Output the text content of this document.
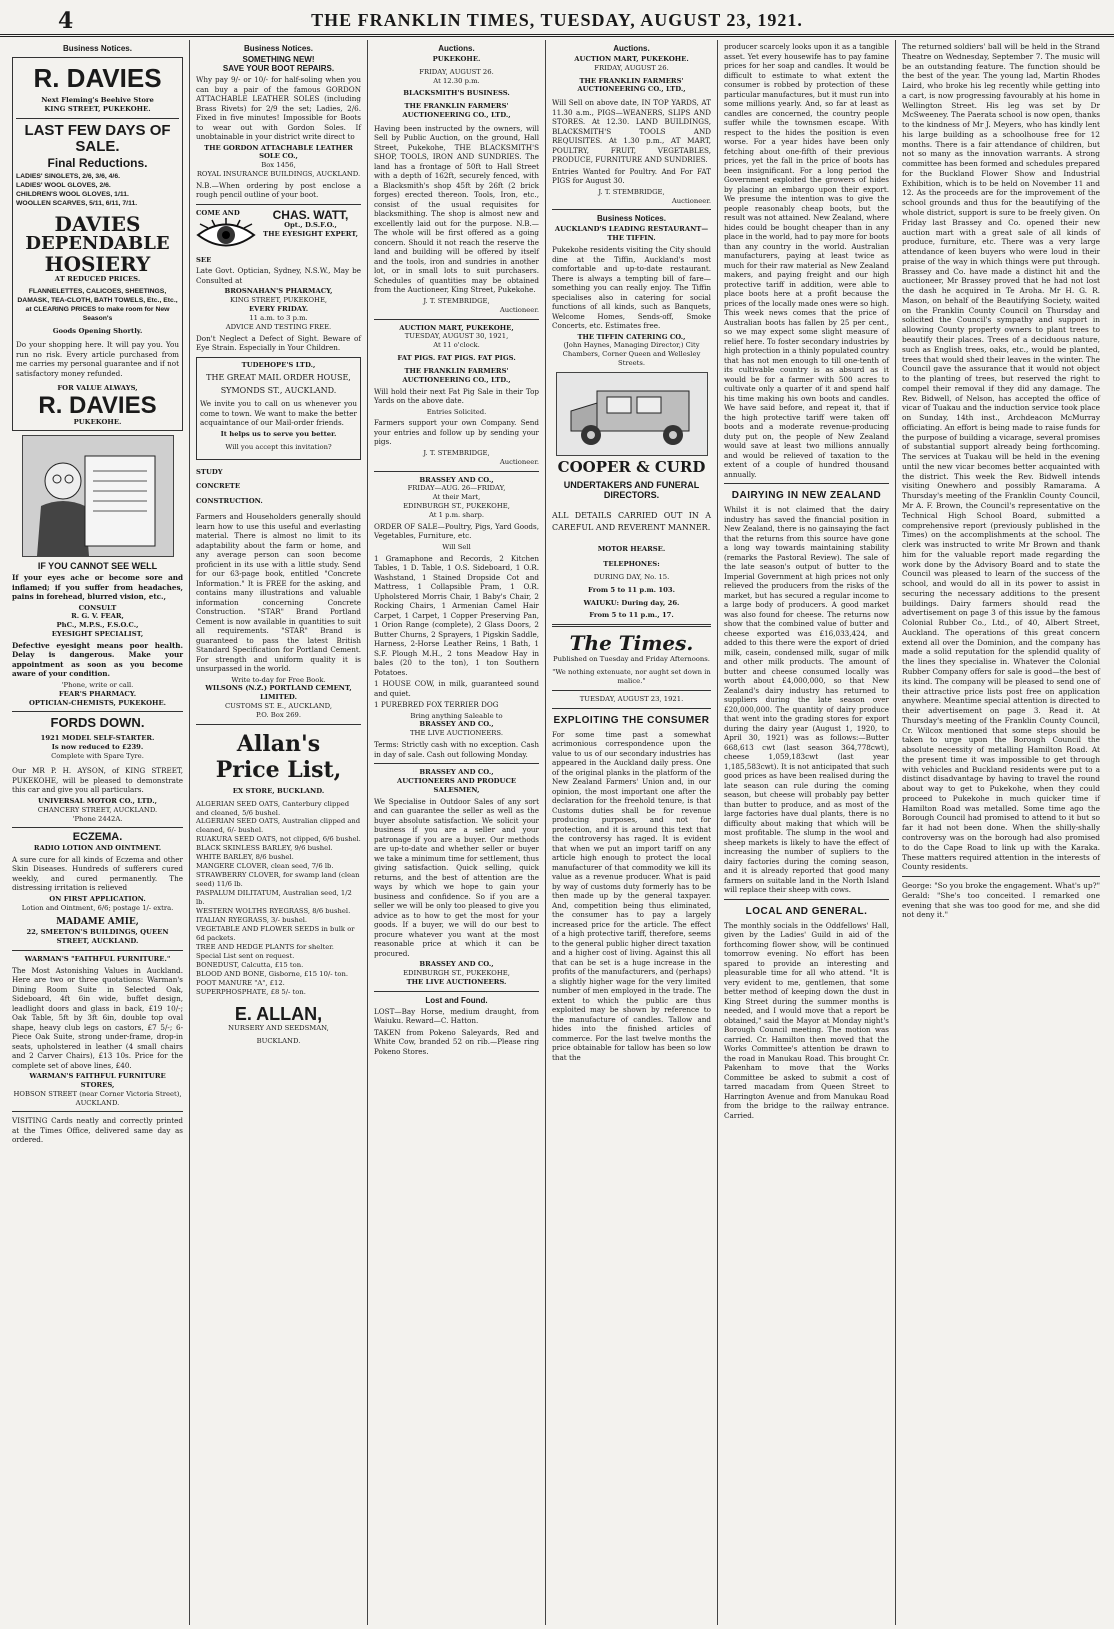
4	THE FRANKLIN TIMES, TUESDAY, AUGUST 23, 1921.
Business Notices.
R. DAVIES
Next Fleming's Beehive Store
KING STREET, PUKEKOHE.
LAST FEW DAYS OF SALE.
Final Reductions.
LADIES' SINGLETS, 2/6, 3/6, 4/6.
LADIES' WOOL GLOVES, 2/6.
CHILDREN'S WOOL GLOVES, 1/11.
WOOLLEN SCARVES, 5/11, 6/11, 7/11.
DAVIES
DEPENDABLE
HOSIERY
AT REDUCED PRICES.
FLANNELETTES, CALICOES, SHEETINGS, DAMASK, TEA-CLOTH, BATH TOWELS, Etc., Etc., at CLEARING PRICES to make room for New Season's
Goods Opening Shortly.
Do your shopping here. It will pay you. You run no risk. Every article purchased from me carries my personal guarantee and if not satisfactory money refunded.
FOR VALUE ALWAYS,
R. DAVIES
PUKEKOHE.
IF YOU CANNOT SEE WELL
If your eyes ache or become sore and inflamed; if you suffer from headaches, pains in forehead, blurred vision, etc.,
CONSULT
R. G. V. FEAR,
PhC., M.P.S., F.S.O.C.,
EYESIGHT SPECIALIST,
Defective eyesight means poor health. Delay is dangerous. Make your appointment as soon as you become aware of your condition.
'Phone, write or call.
FEAR'S PHARMACY.
OPTICIAN-CHEMISTS, PUKEKOHE.
FORDS DOWN.
1921 MODEL SELF-STARTER.
Is now reduced to £239.
Complete with Spare Tyre.
Our MR P. H. AYSON, of KING STREET, PUKEKOHE, will be pleased to demonstrate this car and give you all particulars.
UNIVERSAL MOTOR CO., LTD.,
CHANCERY STREET, AUCKLAND.
'Phone 2442A.
ECZEMA.
RADIO LOTION AND OINTMENT.
A sure cure for all kinds of Eczema and other Skin Diseases. Hundreds of sufferers cured weekly, and cured permanently. The distressing irritation is relieved
ON FIRST APPLICATION.
Lotion and Ointment, 6/6; postage 1/- extra.
MADAME AMIE,
22, SMEETON'S BUILDINGS, QUEEN STREET, AUCKLAND.
WARMAN'S "FAITHFUL FURNITURE."
The Most Astonishing Values in Auckland. Here are two or three quotations: Warman's Dining Room Suite in Selected Oak, Sideboard, 4ft 6in wide, buffet design, leadlight doors and glass in back, £19 10/-; Oak Table, 5ft by 3ft 6in, double top oval shape, heavy club legs on castors, £7 5/-; 6-Piece Oak Suite, strong under-frame, drop-in seats, upholstered in leather (4 small chairs and 2 Carver Chairs), £13 10s. Price for the complete set of above lines, £40.
WARMAN'S FAITHFUL FURNITURE STORES,
HOBSON STREET (near Corner Victoria Street), AUCKLAND.
VISITING Cards neatly and correctly printed at the Times Office, delivered same day as ordered.
Business Notices.
SOMETHING NEW!
SAVE YOUR BOOT REPAIRS.
Why pay 9/- or 10/- for half-soling when you can buy a pair of the famous GORDON ATTACHABLE LEATHER SOLES (including Brass Rivets) for 2/9 the set; Ladies, 2/6. Fixed in five minutes! Impossible for Boots to wear out with Gordon Soles. If unobtainable in your district write direct to
THE GORDON ATTACHABLE LEATHER SOLE CO.,
Box 1456,
ROYAL INSURANCE BUILDINGS, AUCKLAND.
N.B.—When ordering by post enclose a rough pencil outline of your boot.
COME AND
SEE
CHAS. WATT,
Opt., D.S.F.O.,
THE EYESIGHT EXPERT,
Late Govt. Optician, Sydney, N.S.W., May be Consulted at
BROSNAHAN'S PHARMACY,
KING STREET, PUKEKOHE,
EVERY FRIDAY.
11 a.m. to 3 p.m.
ADVICE AND TESTING FREE.
Don't Neglect a Defect of Sight. Beware of Eye Strain. Especially in Your Children.
TUDEHOPE'S LTD.,
THE GREAT MAIL ORDER HOUSE,
SYMONDS ST., AUCKLAND.
We invite you to call on us whenever you come to town. We want to make the better acquaintance of our Mail-order friends.
It helps us to serve you better.
Will you accept this invitation?
STUDY
CONCRETE
CONSTRUCTION.
Farmers and Householders generally should learn how to use this useful and everlasting material. There is almost no limit to its adaptability about the farm or home, and any average person can soon become proficient in its use with a little study. Send for our 63-page book, entitled "Concrete Information." It is FREE for the asking, and contains many illustrations and valuable information concerning Concrete Construction. "STAR" Brand Portland Cement is now available in quantities to suit all requirements. "STAR" Brand is guaranteed to pass the latest British Standard Specification for Portland Cement. For strength and uniform quality it is unsurpassed in the world.
Write to-day for Free Book.
WILSONS (N.Z.) PORTLAND CEMENT, LIMITED.
CUSTOMS ST. E., AUCKLAND,
P.O. Box 269.
Allan's
Price List,
EX STORE, BUCKLAND.
ALGERIAN SEED OATS, Canterbury clipped and cleaned, 5/6 bushel.
ALGERIAN SEED OATS, Australian clipped and cleaned, 6/- bushel.
RUAKURA SEED OATS, not clipped, 6/6 bushel.
BLACK SKINLESS BARLEY, 9/6 bushel.
WHITE BARLEY, 8/6 bushel.
MANGERE CLOVER, clean seed, 7/6 lb.
STRAWBERRY CLOVER, for swamp land (clean seed) 11/6 lb.
PASPALUM DILITATUM, Australian seed, 1/2 lb.
WESTERN WOLTHS RYEGRASS, 8/6 bushel.
ITALIAN RYEGRASS, 3/- bushel.
VEGETABLE AND FLOWER SEEDS in bulk or 6d packets.
TREE AND HEDGE PLANTS for shelter. Special List sent on request.
BONEDUST, Calcutta, £15 ton.
BLOOD AND BONE, Gisborne, £15 10/- ton.
POOT MANURE "A", £12.
SUPERPHOSPHATE, £8 5/- ton.
E. ALLAN,
NURSERY AND SEEDSMAN,
BUCKLAND.
Auctions.
PUKEKOHE.
FRIDAY, AUGUST 26.
At 12.30 p.m.
BLACKSMITH'S BUSINESS.
THE FRANKLIN FARMERS' AUCTIONEERING CO., LTD.,
Having been instructed by the owners, will Sell by Public Auction, on the ground, Hall Street, Pukekohe, THE BLACKSMITH'S SHOP, TOOLS, IRON AND SUNDRIES. The land has a frontage of 50ft to Hall Street with a depth of 162ft, securely fenced, with a Blacksmith's shop 45ft by 26ft (2 brick forges) erected thereon. Tools, Iron, etc., consist of the usual requisites for blacksmithing. The shop is almost new and excellently laid out for the purpose. N.B.—The whole will be first offered as a going concern. Should it not reach the reserve the land and building will be offered by itself and the tools, iron and sundries in another lot, or in small lots to suit purchasers. Schedules of quantities may be obtained from the Auctioneer, King Street, Pukekohe.
J. T. STEMBRIDGE,
Auctioneer.
AUCTION MART, PUKEKOHE,
TUESDAY, AUGUST 30, 1921,
At 11 o'clock.
FAT PIGS. FAT PIGS. FAT PIGS.
THE FRANKLIN FARMERS' AUCTIONEERING CO., LTD.,
Will hold their next Fat Pig Sale in their Top Yards on the above date.
Entries Solicited.
Farmers support your own Company. Send your entries and follow up by sending your pigs.
J. T. STEMBRIDGE,
Auctioneer.
BRASSEY AND CO.,
FRIDAY—AUG. 26—FRIDAY,
At their Mart,
EDINBURGH ST., PUKEKOHE,
At 1 p.m. sharp.
ORDER OF SALE—Poultry, Pigs, Yard Goods, Vegetables, Furniture, etc.
Will Sell
1 Gramaphone and Records, 2 Kitchen Tables, 1 D. Table, 1 O.S. Sideboard, 1 O.R. Washstand, 1 Stained Dropside Cot and Mattress, 1 Collapsible Pram, 1 O.R. Upholstered Morris Chair, 1 Baby's Chair, 2 Rocking Chairs, 1 Armenian Camel Hair Carpet, 1 Carpet, 1 Copper Preserving Pan, 1 Orion Range (complete), 2 Glass Doors, 2 Butter Churns, 2 Sprayers, 1 Pigskin Saddle, Harness, 2-Horse Leather Reins, 1 Bath, 1 S.F. Plough M.H., 2 tons Meadow Hay in bales (20 to the ton), 1 ton Southern Potatoes.
1 HOUSE COW, in milk, guaranteed sound and quiet.
1 PUREBRED FOX TERRIER DOG
Bring anything Saleable to
BRASSEY AND CO.,
THE LIVE AUCTIONEERS.
Terms: Strictly cash with no exception. Cash in day of sale. Cash out following Monday.
BRASSEY AND CO.,
AUCTIONEERS AND PRODUCE SALESMEN,
We Specialise in Outdoor Sales of any sort and can guarantee the seller as well as the buyer absolute satisfaction. We solicit your business if you are a seller and your patronage if you are a buyer. Our methods are up-to-date and whether seller or buyer we take a minimum time for settlement, thus giving satisfaction. Quick selling, quick returns, and the best of attention are the ways by which we hope to gain your business and confidence. So if you are a seller we will be only too pleased to give you advice as to how to get the most for your goods. If a buyer, we will do our best to procure whatever you want at the most reasonable price at which it can be procured.
BRASSEY AND CO.,
EDINBURGH ST., PUKEKOHE,
THE LIVE AUCTIONEERS.
Lost and Found.
LOST—Bay Horse, medium draught, from Waiuku. Reward—C. Hatton.
TAKEN from Pokeno Saleyards, Red and White Cow, branded 52 on rib.—Please ring Pokeno Stores.
Auctions.
AUCTION MART, PUKEKOHE.
FRIDAY, AUGUST 26.
THE FRANKLIN FARMERS' AUCTIONEERING CO., LTD.,
Will Sell on above date, IN TOP YARDS, AT 11.30 a.m., PIGS—WEANERS, SLIPS AND STORES. At 12.30. LAND BUILDINGS, BLACKSMITH'S TOOLS AND REQUISITES. At 1.30 p.m., AT MART, POULTRY, FRUIT, VEGETABLES, PRODUCE, FURNITURE AND SUNDRIES.
Entries Wanted for Poultry. And For FAT PIGS for August 30.
J. T. STEMBRIDGE,
Auctioneer.
Business Notices.
AUCKLAND'S LEADING RESTAURANT—THE TIFFIN.
Pukekohe residents visiting the City should dine at the Tiffin, Auckland's most comfortable and up-to-date restaurant. There is always a tempting bill of fare—something you can really enjoy. The Tiffin specialises also in catering for social functions of all kinds, such as Banquets, Welcome Homes, Sends-off, Smoke Concerts, etc. Estimates free.
THE TIFFIN CATERING CO.,
(John Haynes, Managing Director,) City Chambers, Corner Queen and Wellesley Streets.
COOPER & CURD
UNDERTAKERS AND FUNERAL DIRECTORS.
ALL DETAILS CARRIED OUT IN A CAREFUL AND REVERENT MANNER.
MOTOR HEARSE.
TELEPHONES:
DURING DAY, No. 15.
From 5 to 11 p.m. 103.
WAIUKU: During day, 26.
From 5 to 11 p.m., 17.
The Times.
Published on Tuesday and Friday Afternoons.
"We nothing extenuate, nor aught set down in malice."
TUESDAY, AUGUST 23, 1921.
EXPLOITING THE CONSUMER
For some time past a somewhat acrimonious correspondence upon the value to us of our secondary industries has appeared in the Auckland daily press. One of the original planks in the platform of the New Zealand Farmers' Union and, in our opinion, the most important one after the declaration for the freehold tenure, is that Customs duties shall be for revenue producing purposes, and not for protection, and it is around this text that the controversy has raged. It is evident that when we put an import tariff on any article high enough to protect the local manufacturer of that commodity we kill its value as a revenue producer. What is paid by way of customs duty formerly has to be then made up by the general taxpayer. And, competition being thus eliminated, the consumer has to pay a largely increased price for the article. The effect of a high protective tariff, therefore, seems to the general public higher direct taxation and a higher cost of living. Against this all that can be set is a huge increase in the profits of the manufacturers, and (perhaps) a slightly higher wage for the very limited number of men employed in the trade. The extent to which the public are thus exploited may be shown by reference to the manufacture of candles. Tallow and hides into the finished articles of commerce. For the last twelve months the price obtainable for tallow has been so low that the
producer scarcely looks upon it as a tangible asset. Yet every housewife has to pay famine prices for her soap and candles. It would be difficult to estimate to what extent the consumer is robbed by protection of these particular manufactures, but it must run into some millions yearly. And, so far at least as candles are concerned, the country people suffer while the townsmen escape. With respect to the hides the position is even worse. For a year hides have been only fetching about one-fifth of their previous prices, yet the fall in the price of boots has been insignificant. For a long period the Government exploited the growers of hides by placing an embargo upon their export. We presume the intention was to give the people reasonably cheap boots, but the result was not attained. New Zealand, where hides could be bought cheaper than in any place in the world, had to pay more for boots than any country in the world. Australian manufacturers, paying at least twice as much for their raw material as New Zealand makers, and paying freight and our high protective tariff in addition, were able to place boots here at a profit because the prices of the locally made ones were so high. This week news comes that the price of Australian boots has fallen by 25 per cent., so we may expect some slight measure of relief here. To foster secondary industries by high protection in a thinly populated country that has not men enough to till one-tenth of its cultivable country is as absurd as it would be for a farmer with 500 acres to cultivate only a quarter of it and spend half his time making his own boots and candles. We have said before, and repeat it, that if the high protective tariff were taken off boots and a moderate revenue-producing duty put on, the people of New Zealand would save at least two millions annually and would be relieved of taxation to the extent of a couple of hundred thousand annually.
DAIRYING IN NEW ZEALAND
Whilst it is not claimed that the dairy industry has saved the financial position in New Zealand, there is no gainsaying the fact that the returns from this source have gone a long way towards maintaining stability (remarks the Pastoral Review). The sale of the late season's output of butter to the Imperial Government at high prices not only relieved the producers from the risks of the market, but has secured a regular income to a large body of producers. A good market was also found for cheese. The returns now show that the combined value of butter and cheese exported was £16,033,424, and added to this there were the export of dried milk, casein, condensed milk, sugar of milk and other milk products. The amount of butter and cheese consumed locally was worth about £4,000,000, so that New Zealand's dairy industry has returned to suppliers during the late season over £20,000,000. The quantity of dairy produce that went into the grading stores for export during the dairy year (August 1, 1920, to April 30, 1921) was as follows:—Butter 668,613 cwt (last season 364,778cwt), cheese 1,059,183cwt (last year 1,185,583cwt). It is not anticipated that such good prices as have been realised during the late season can rule during the coming season, but cheese will probably pay better than butter to produce, and as most of the large factories have dual plants, there is no difficulty about making that which will be most profitable. The slump in the wool and sheep markets is likely to have the effect of increasing the number of supliers to the dairy factories during the coming season, and it is already reported that good many farmers on suitable land in the North Island will replace their sheep with cows.
LOCAL AND GENERAL.
The monthly socials in the Oddfellows' Hall, given by the Ladies' Guild in aid of the forthcoming flower show, will be continued tomorrow evening. No effort has been spared to provide an interesting and pleasurable time for all who attend. "It is very evident to me, gentlemen, that some better method of keeping down the dust in King Street during the summer months is needed, and I would move that a report be obtained," said the Mayor at Monday night's Borough Council meeting. The motion was carried. Cr. Hamilton then moved that the Works Committee's attention be drawn to the road in Manukau Road. This brought Cr. Pakenham to move that the Works Committee be asked to submit a cost of tarred macadam from Queen Street to Harrington Avenue and from Manukau Road from the bridge to the railway entrance. Carried.
The returned soldiers' ball will be held in the Strand Theatre on Wednesday, September 7. The music will be an outstanding feature. The function should be the best of the year. The young lad, Martin Rhodes Laird, who broke his leg recently while getting into a cart, is now progressing favourably at his home in Wellington Street. His leg was set by Dr McSweeney. The Paerata school is now open, thanks to the kindness of Mr J. Meyers, who has kindly lent his large building as a schoolhouse free for 12 months. There is a fair attendance of children, but not so many as the innovation warrants. A strong committee has been formed and schedules prepared for the Buckland Flower Show and Industrial Exhibition, which is to be held on November 11 and 12. As the proceeds are for the improvement of the school grounds and thus for the beautifying of the whole district, support is sure to be freely given. On Friday last Brassey and Co. opened their new auction mart with a great sale of all kinds of produce, furniture, etc. There was a very large attendance of keen buyers who were loud in their praise of the way in which things were put through. Brassey and Co. have made a distinct hit and the auctioneer, Mr Brassey proved that he had not lost the dash he acquired in Te Aroha. Mr H. G. R. Mason, on behalf of the Beautifying Society, waited on the Franklin County Council on Thursday and solicited the Council's sympathy and support in allowing County property owners to plant trees to beautify their places. Trees of a deciduous nature, such as English trees, oaks, etc., would be planted, trees that would shed their leaves in the winter. The Council gave the assurance that it would not object to the planting of trees, but reserved the right to compel their removal if they did any damage. The Rev. Bidwell, of Nelson, has accepted the office of vicar of Tuakau and the induction service took place on Sunday, 14th inst., Archdeacon McMurray officiating. An effort is being made to raise funds for the purpose of building a vicarage, several promises of substantial support already being forthcoming. The services at Tuakau will be held in the evening until the new vicar becomes better acquainted with the district. This week the Rev. Bidwell intends visiting Onewhero and possibly Ramarama. A Thursday's meeting of the Franklin County Council, Mr A. F. Brown, the Council's representative on the Technical High School Board, submitted a comprehensive report (previously published in the Times) on the accomplishments at the school. The clerk was instructed to write Mr Brown and thank him for the valuable report made regarding the work done by the Advisory Board and to state the Council was pleased to learn of the success of the school, and would do all in its power to assist in securing the necessary additions to the present buildings. Dairy farmers should read the advertisement on page 3 of this issue by the famous Colonial Rubber Co., Ltd., of 40, Albert Street, Auckland. The operations of this great concern extend all over the Dominion, and the company has made a solid reputation for the splendid quality of the lines they specialise in. Whatever the Colonial Rubber Company offers for sale is good—the best of its kind. The company will be pleased to send one of their attractive price lists post free on application anywhere. Meantime special attention is directed to their advertisement on page 3. Read it. At Thursday's meeting of the Franklin County Council, Cr. Wilcox mentioned that some steps should be taken to urge upon the Borough Council the absolute necessity of metalling Hamilton Road. At the present time it was impossible to get through with vehicles and Buckland residents were put to a distinct disadvantage by having to travel the round about way to get to Pukekohe, when they could proceed to Pukekohe in much quicker time if Hamilton Road was metalled. Some time ago the Borough Council had promised to attend to it but so far it had not been done. When the shilly-shally controversy was on the borough had also promised to do the Cape Road to link up with the Karaka. These matters required attention in the interests of County residents.
George: "So you broke the engagement. What's up?" Gerald: "She's too conceited. I remarked one evening that she was too good for me, and she did not deny it."
